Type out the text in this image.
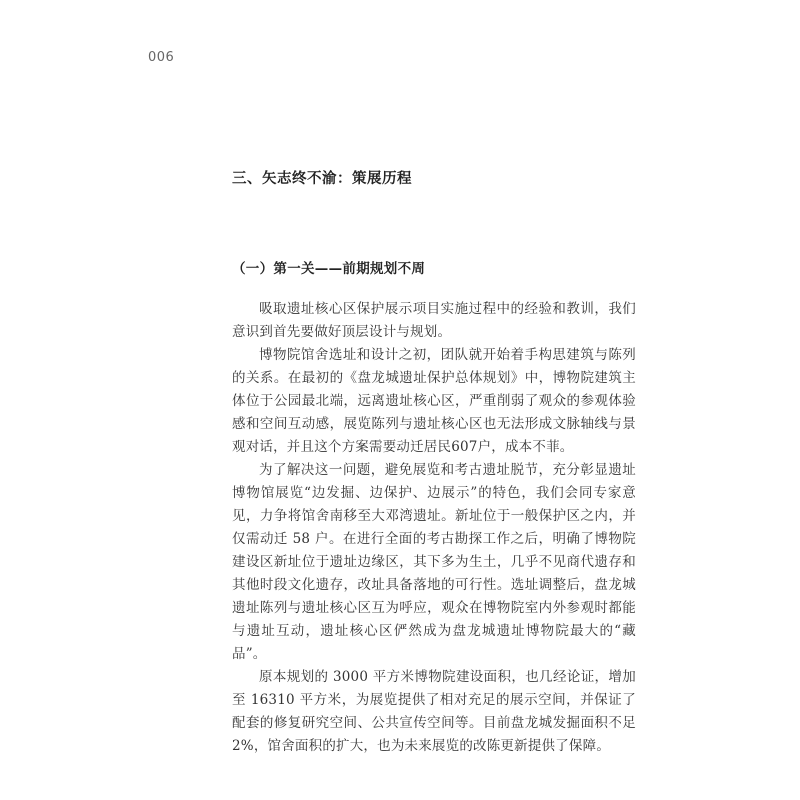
006
三、矢志终不渝：策展历程
（一）第一关——前期规划不周

吸取遗址核心区保护展示项目实施过程中的经验和教训，我们意识到首先要做好顶层设计与规划。

博物院馆舍选址和设计之初，团队就开始着手构思建筑与陈列的关系。在最初的《盘龙城遗址保护总体规划》中，博物院建筑主体位于公园最北端，远离遗址核心区，严重削弱了观众的参观体验感和空间互动感，展览陈列与遗址核心区也无法形成文脉轴线与景观对话，并且这个方案需要动迁居民607户，成本不菲。

为了解决这一问题，避免展览和考古遗址脱节，充分彰显遗址博物馆展览“边发掘、边保护、边展示”的特色，我们会同专家意见，力争将馆舍南移至大邓湾遗址。新址位于一般保护区之内，并仅需动迁 58 户。在进行全面的考古勘探工作之后，明确了博物院建设区新址位于遗址边缘区，其下多为生土，几乎不见商代遗存和其他时段文化遗存，改址具备落地的可行性。选址调整后，盘龙城遗址陈列与遗址核心区互为呼应，观众在博物院室内外参观时都能与遗址互动，遗址核心区俨然成为盘龙城遗址博物院最大的“藏品”。

原本规划的 3000 平方米博物院建设面积，也几经论证，增加至 16310 平方米，为展览提供了相对充足的展示空间，并保证了配套的修复研究空间、公共宣传空间等。目前盘龙城发掘面积不足 2%，馆舍面积的扩大，也为未来展览的改陈更新提供了保障。
